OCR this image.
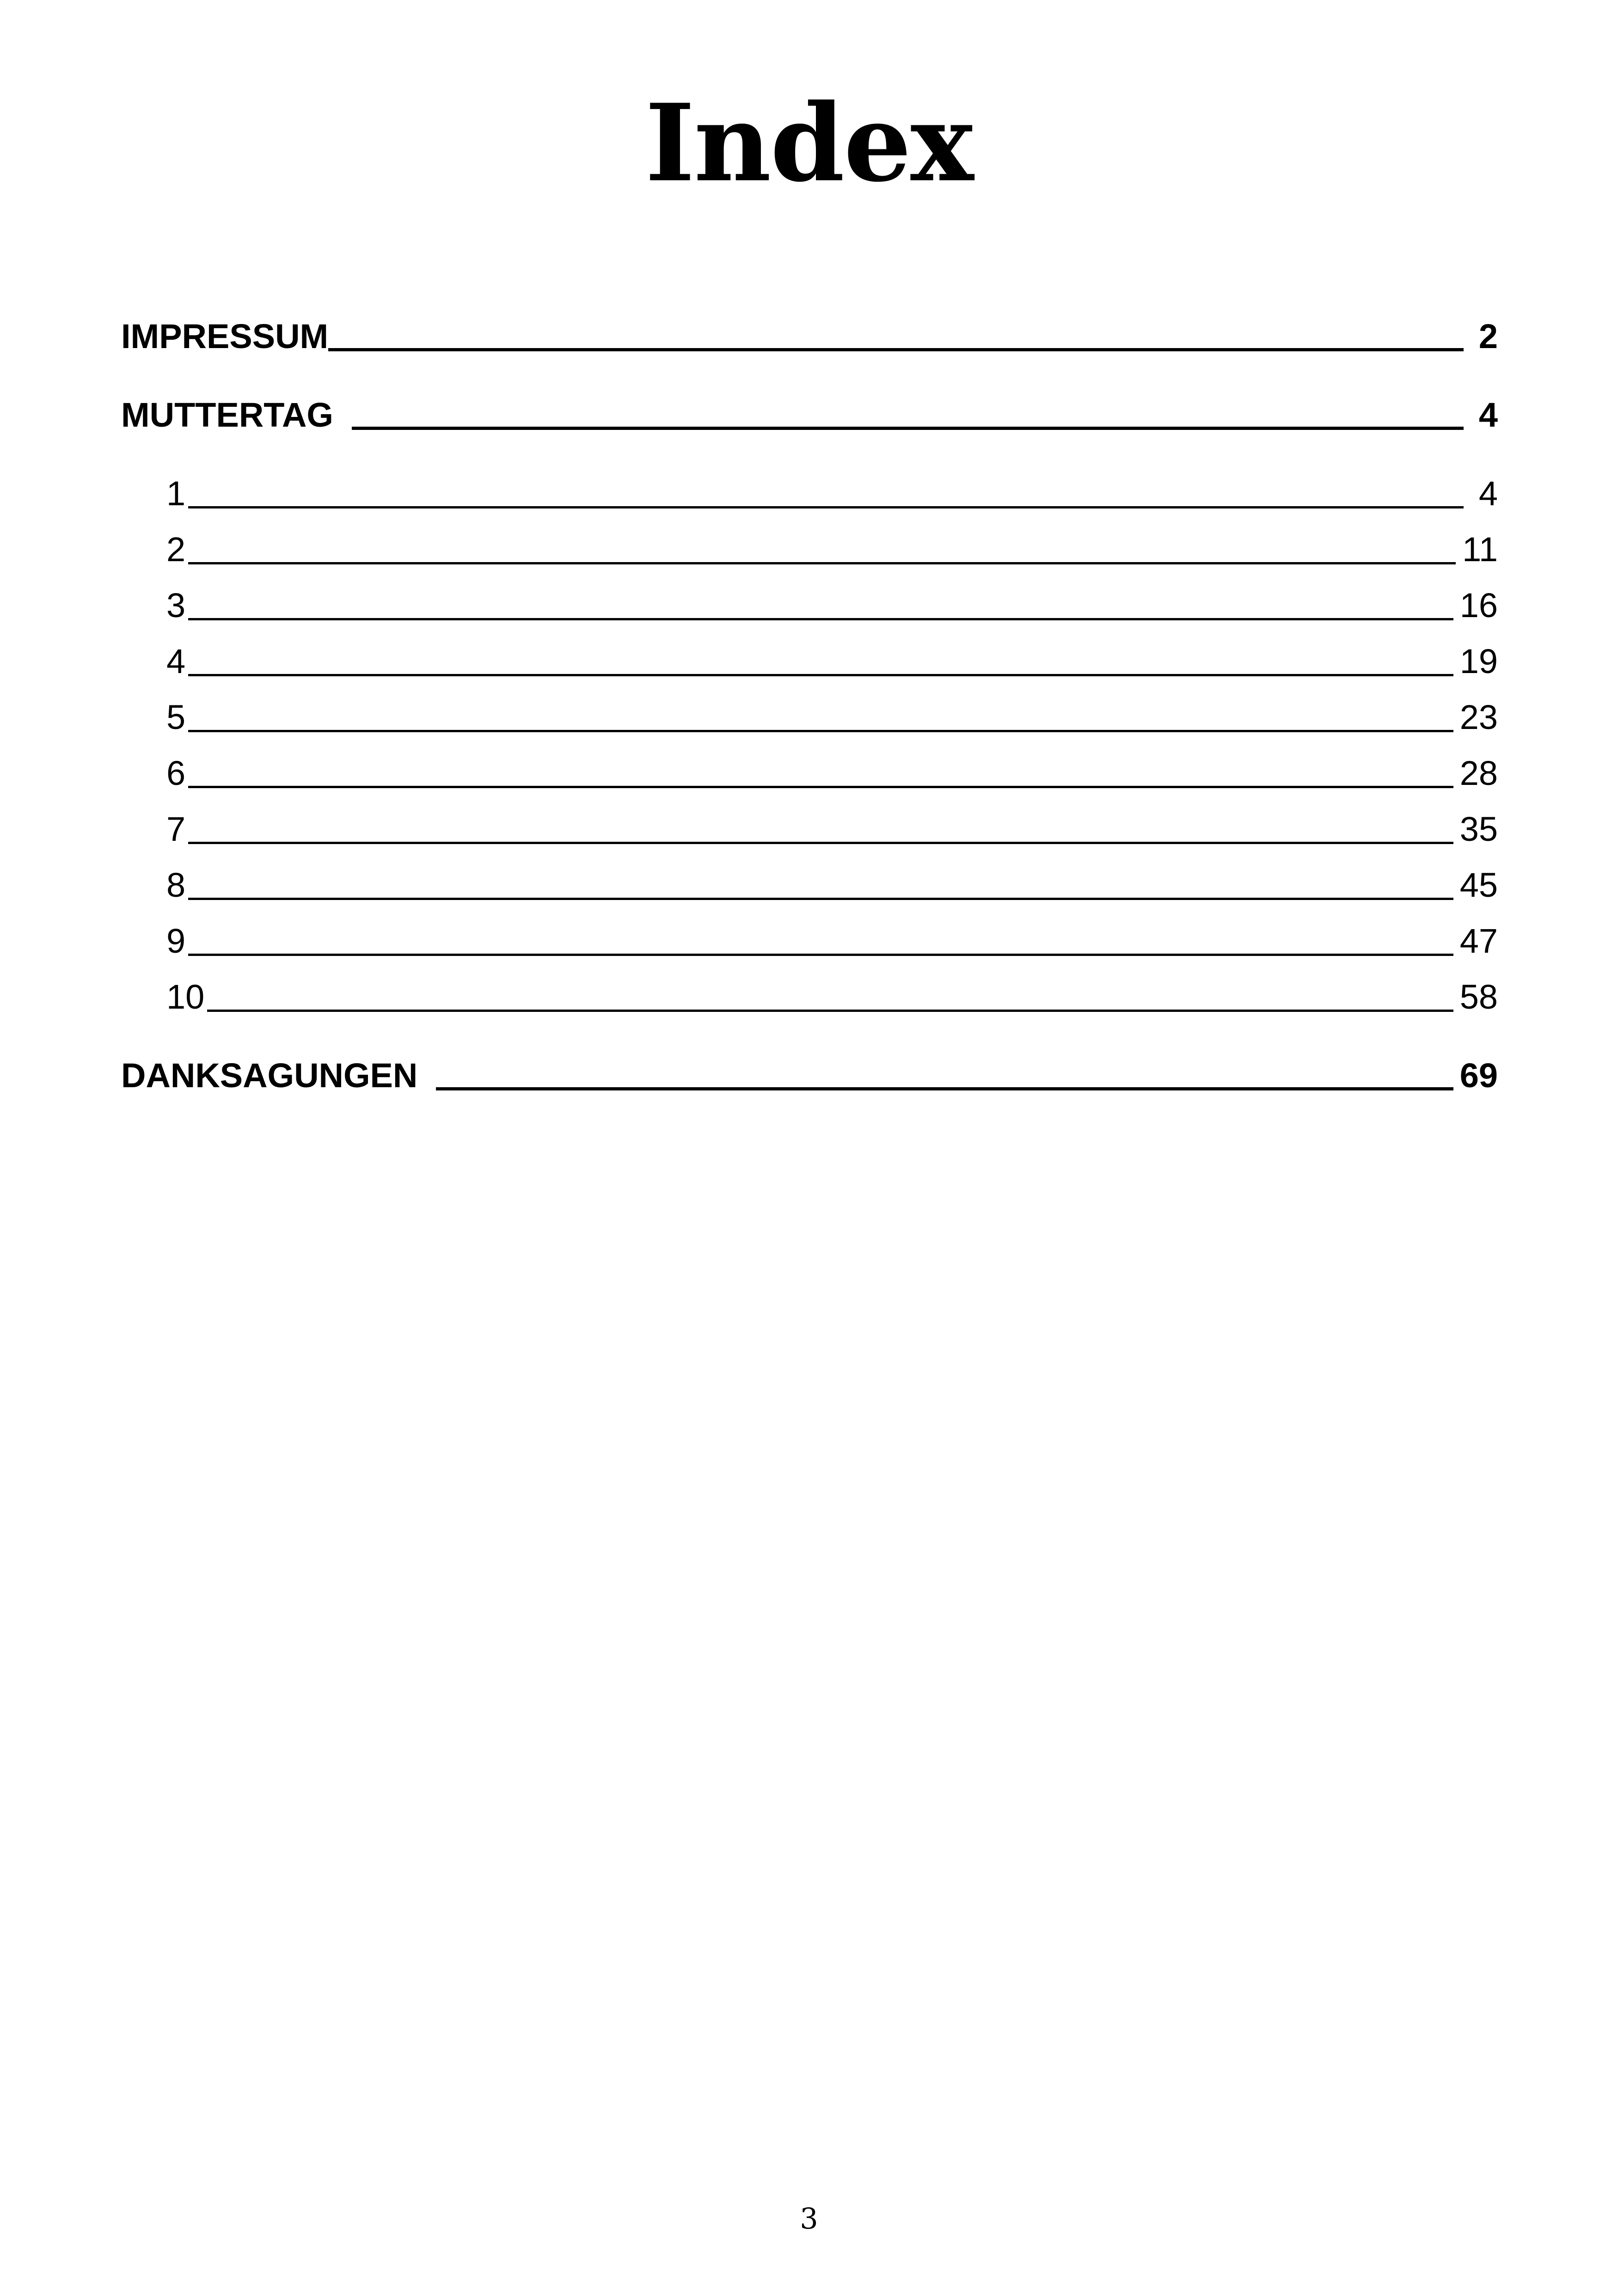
Index
IMPRESSUM	2
MUTTERTAG	4
1	4
2	11
3	16
4	19
5	23
6	28
7	35
8	45
9	47
10	58
DANKSAGUNGEN	69
3
